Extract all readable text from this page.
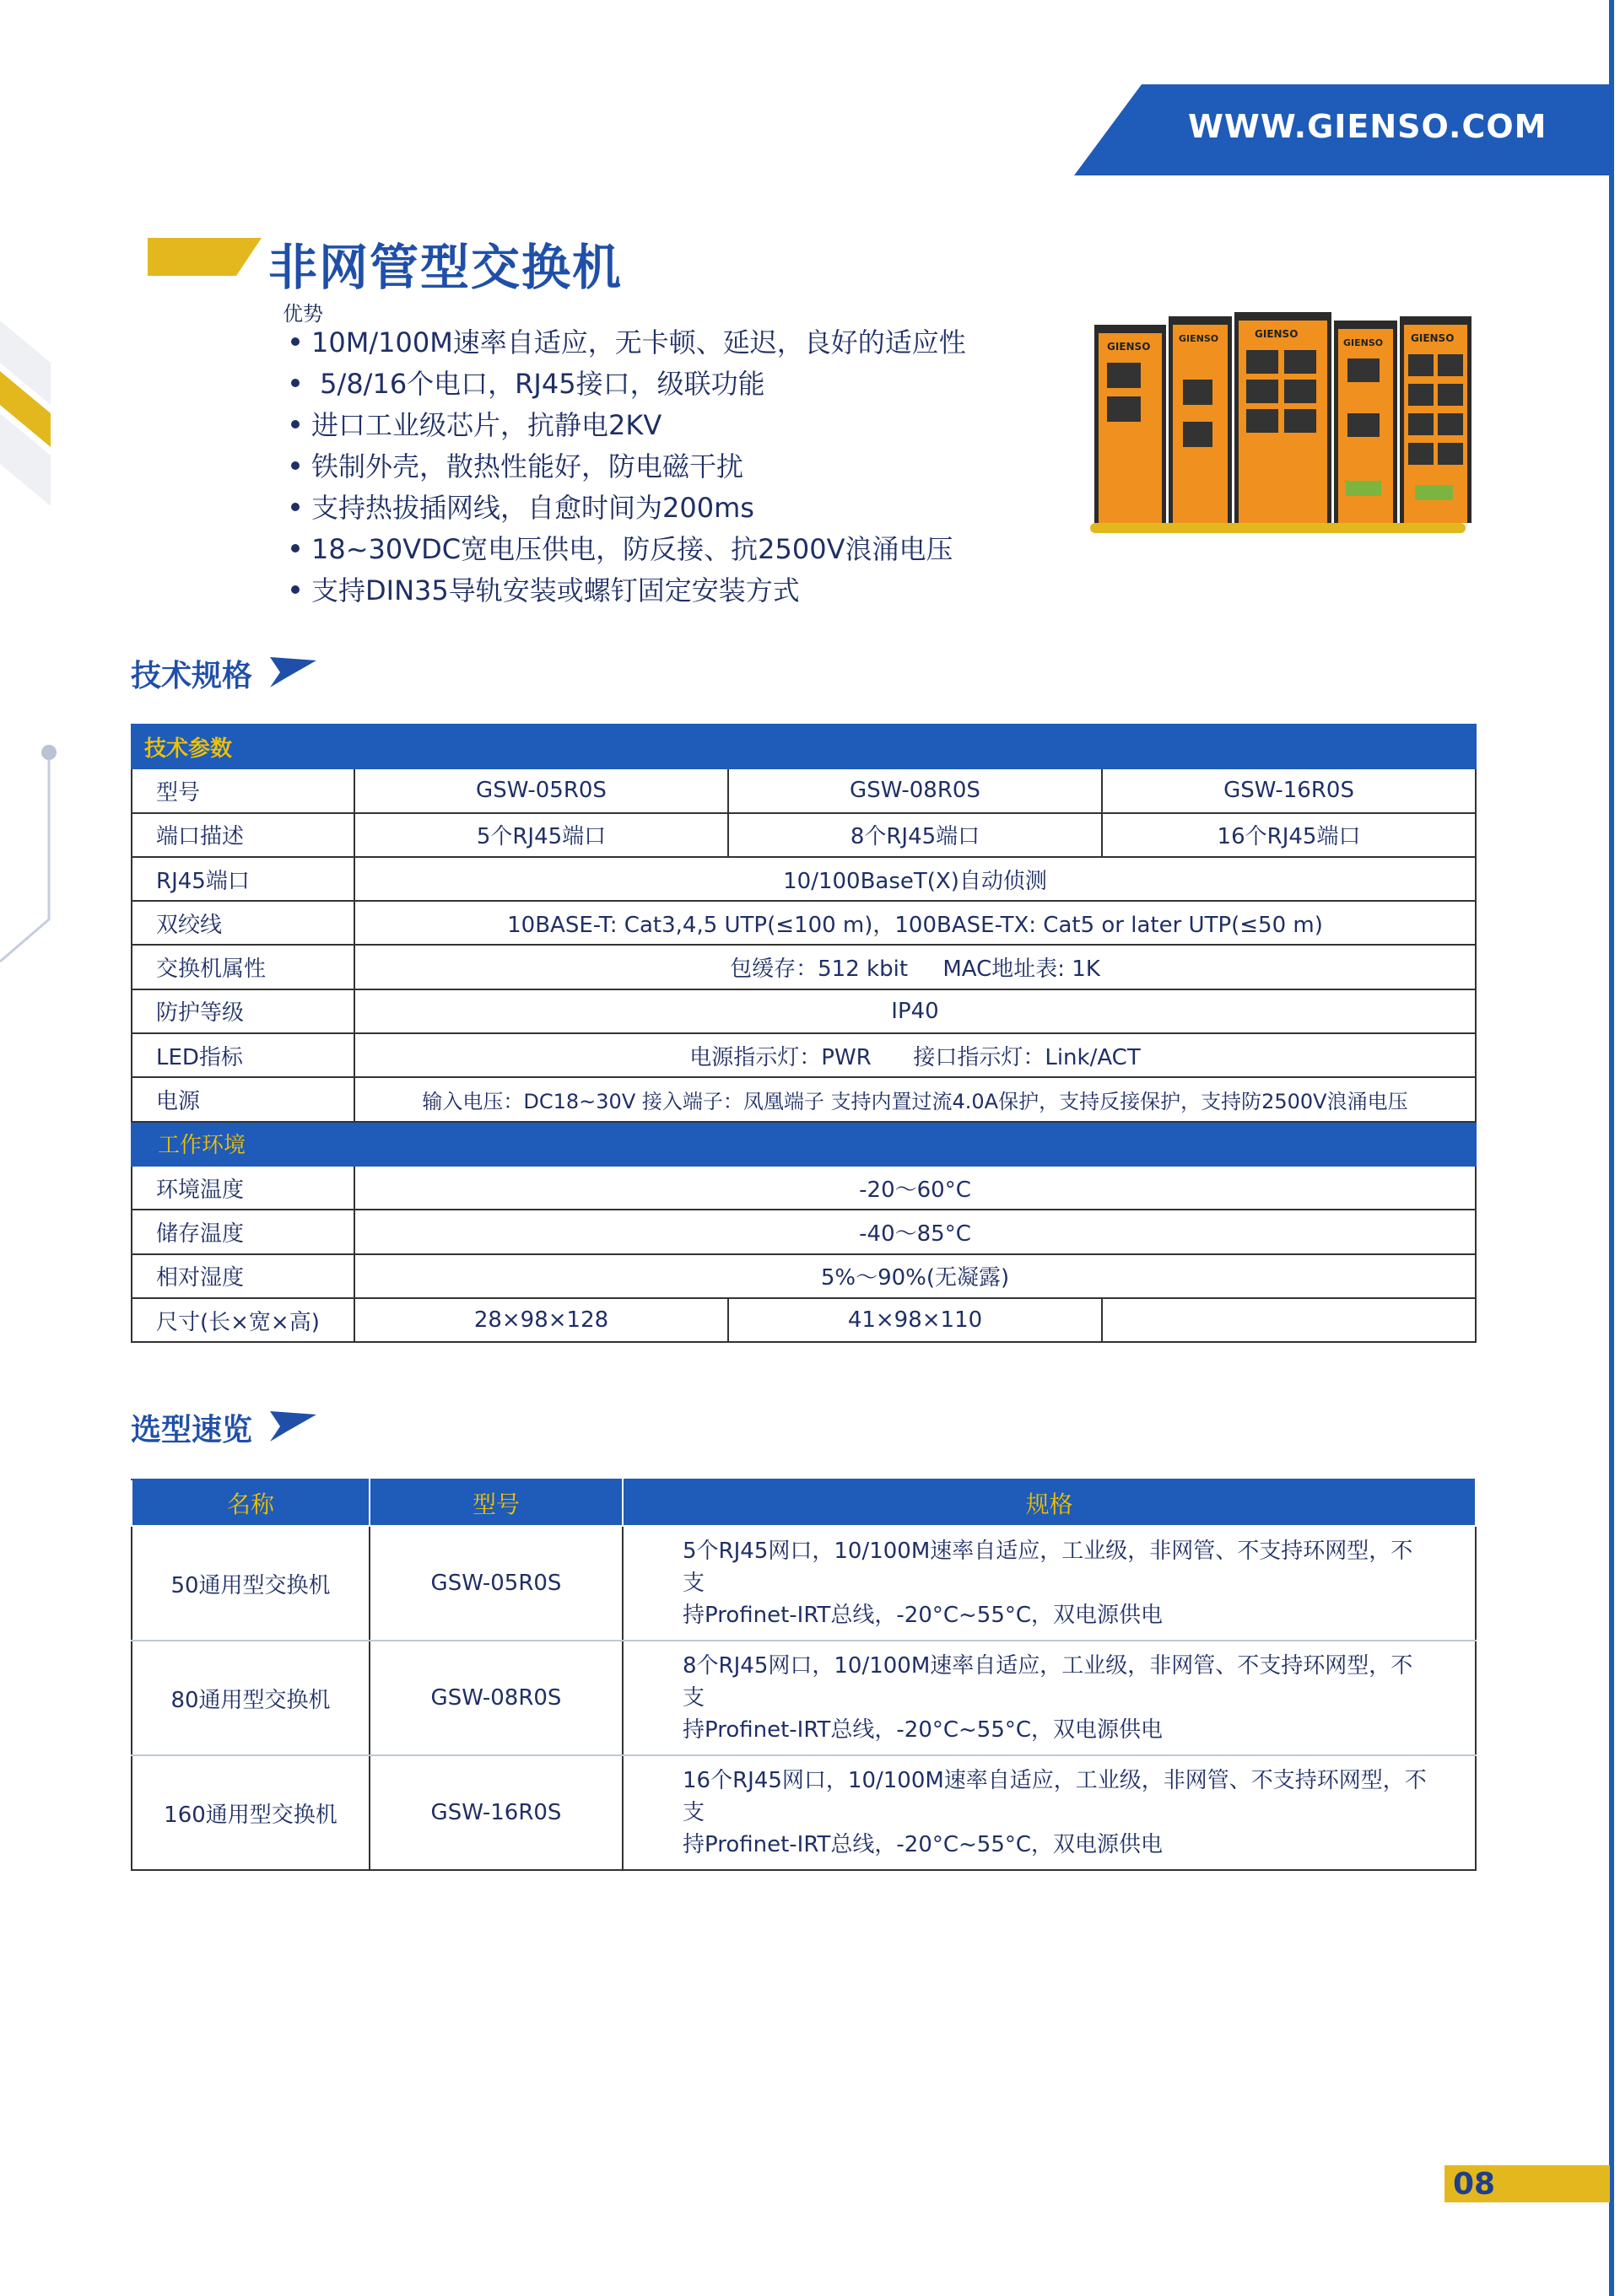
WWW.GIENSO.COM
非网管型交换机
优势
10M/100M速率自适应，无卡顿、延迟，良好的适应性
5/8/16个电口，RJ45接口，级联功能
进口工业级芯片，抗静电2KV
铁制外壳，散热性能好，防电磁干扰
支持热拔插网线，自愈时间为200ms
18~30VDC宽电压供电，防反接、抗2500V浪涌电压
支持DIN35导轨安装或螺钉固定安装方式
GIENSO
GIENSO	GIENSO
GIENSO	GIENSO
技术规格
技术参数			
型号	GSW-05R0S	GSW-08R0S	GSW-16R0S
端口描述	5个RJ45端口	8个RJ45端口	16个RJ45端口
RJ45端口	10/100BaseT(X)自动侦测		
双绞线	10BASE-T: Cat3,4,5 UTP(≤100 m)，100BASE-TX: Cat5 or later UTP(≤50 m)		
交换机属性	包缓存：512 kbit     MAC地址表: 1K		
防护等级	IP40		
LED指标	电源指示灯：PWR      接口指示灯：Link/ACT		
电源	输入电压：DC18~30V 接入端子：凤凰端子 支持内置过流4.0A保护，支持反接保护，支持防2500V浪涌电压		
工作环境			
环境温度	-20～60°C		
储存温度	-40～85°C		
相对湿度	5%～90%(无凝露)		
尺寸(长×宽×高)	28×98×128	41×98×110	
选型速览
名称	型号	规格
50通用型交换机	GSW-05R0S	5个RJ45网口，10/100M速率自适应，工业级，非网管、不支持环网型，不支
持Profinet-IRT总线，-20°C~55°C，双电源供电

80通用型交换机	GSW-08R0S	8个RJ45网口，10/100M速率自适应，工业级，非网管、不支持环网型，不支
持Profinet-IRT总线，-20°C~55°C，双电源供电

160通用型交换机	GSW-16R0S	16个RJ45网口，10/100M速率自适应，工业级，非网管、不支持环网型，不支
持Profinet-IRT总线，-20°C~55°C，双电源供电
08
